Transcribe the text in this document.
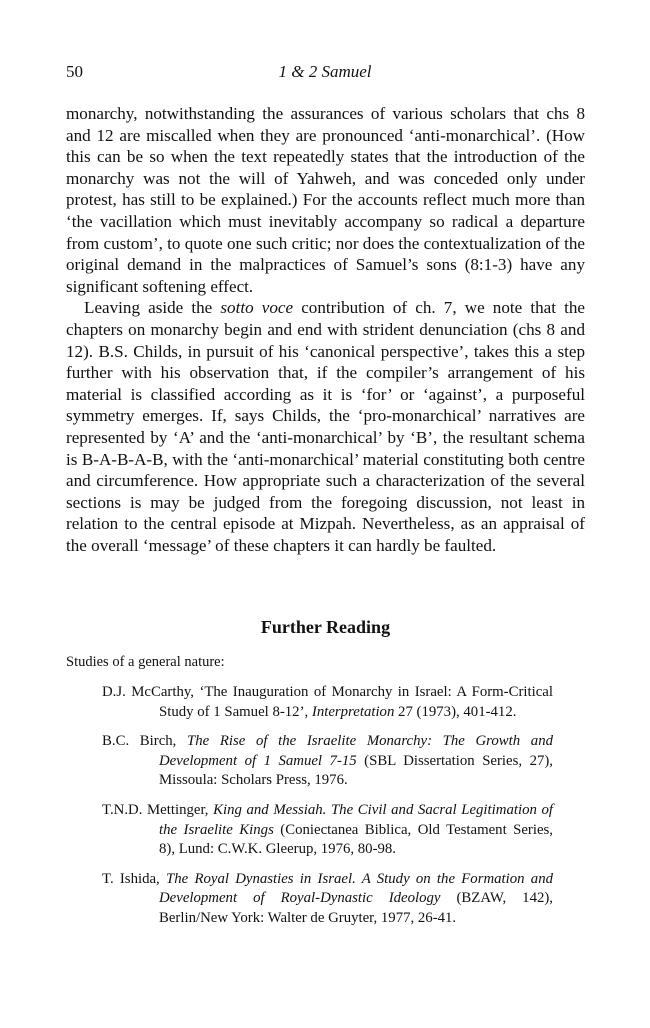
50	1 & 2 Samuel

monarchy, notwithstanding the assurances of various scholars that chs 8 and 12 are miscalled when they are pronounced ‘anti-monarchical’. (How this can be so when the text repeatedly states that the introduction of the monarchy was not the will of Yahweh, and was conceded only under protest, has still to be explained.) For the accounts reflect much more than ‘the vacillation which must inevitably accompany so radical a departure from custom’, to quote one such critic; nor does the contextualization of the original demand in the malpractices of Samuel’s sons (8:1-3) have any significant softening effect.

Leaving aside the sotto voce contribution of ch. 7, we note that the chapters on monarchy begin and end with strident denunciation (chs 8 and 12). B.S. Childs, in pursuit of his ‘canonical perspective’, takes this a step further with his observation that, if the compiler’s arrangement of his material is classified according as it is ‘for’ or ‘against’, a purposeful symmetry emerges. If, says Childs, the ‘pro-monarchical’ narratives are represented by ‘A’ and the ‘anti-monarchical’ by ‘B’, the resultant schema is B-A-B-A-B, with the ‘anti-monarchical’ material constituting both centre and circumference. How appropriate such a characterization of the several sections is may be judged from the foregoing discussion, not least in relation to the central episode at Mizpah. Nevertheless, as an appraisal of the overall ‘message’ of these chapters it can hardly be faulted.

Further Reading
Studies of a general nature:

D.J. McCarthy, ‘The Inauguration of Monarchy in Israel: A Form-Critical Study of 1 Samuel 8-12’, Interpretation 27 (1973), 401-412.

B.C. Birch, The Rise of the Israelite Monarchy: The Growth and Development of 1 Samuel 7-15 (SBL Dissertation Series, 27), Missoula: Scholars Press, 1976.

T.N.D. Mettinger, King and Messiah. The Civil and Sacral Legitimation of the Israelite Kings (Coniectanea Biblica, Old Testament Series, 8), Lund: C.W.K. Gleerup, 1976, 80-98.

T. Ishida, The Royal Dynasties in Israel. A Study on the Formation and Development of Royal-Dynastic Ideology (BZAW, 142), Berlin/New York: Walter de Gruyter, 1977, 26-41.
